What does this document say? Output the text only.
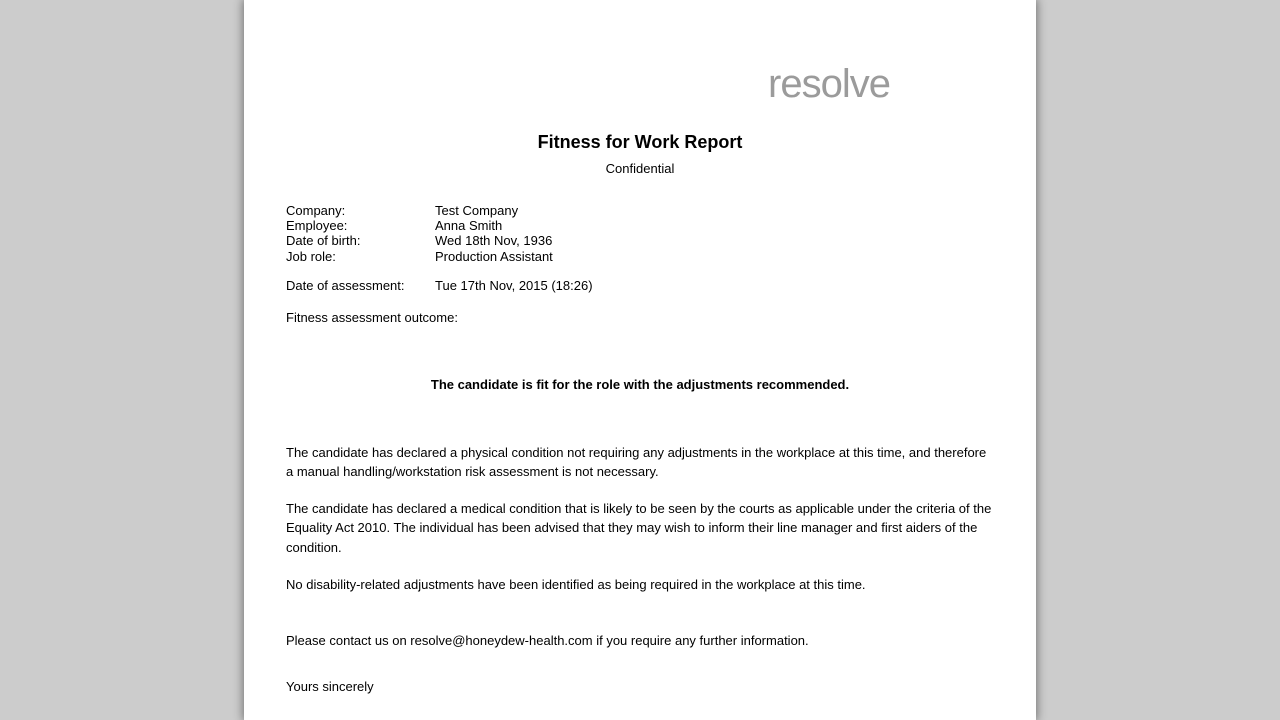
resolve
Fitness for Work Report
Confidential
Company:	Test Company
Employee:	Anna Smith
Date of birth:	Wed 18th Nov, 1936
Job role:	Production Assistant
Date of assessment:	Tue 17th Nov, 2015 (18:26)
Fitness assessment outcome:
The candidate is fit for the role with the adjustments recommended.

The candidate has declared a physical condition not requiring any adjustments in the workplace at this time, and therefore a manual handling/workstation risk assessment is not necessary.

The candidate has declared a medical condition that is likely to be seen by the courts as applicable under the criteria of the Equality Act 2010. The individual has been advised that they may wish to inform their line manager and first aiders of the condition.

No disability-related adjustments have been identified as being required in the workplace at this time.

Please contact us on resolve@honeydew-health.com if you require any further information.
Yours sincerely
